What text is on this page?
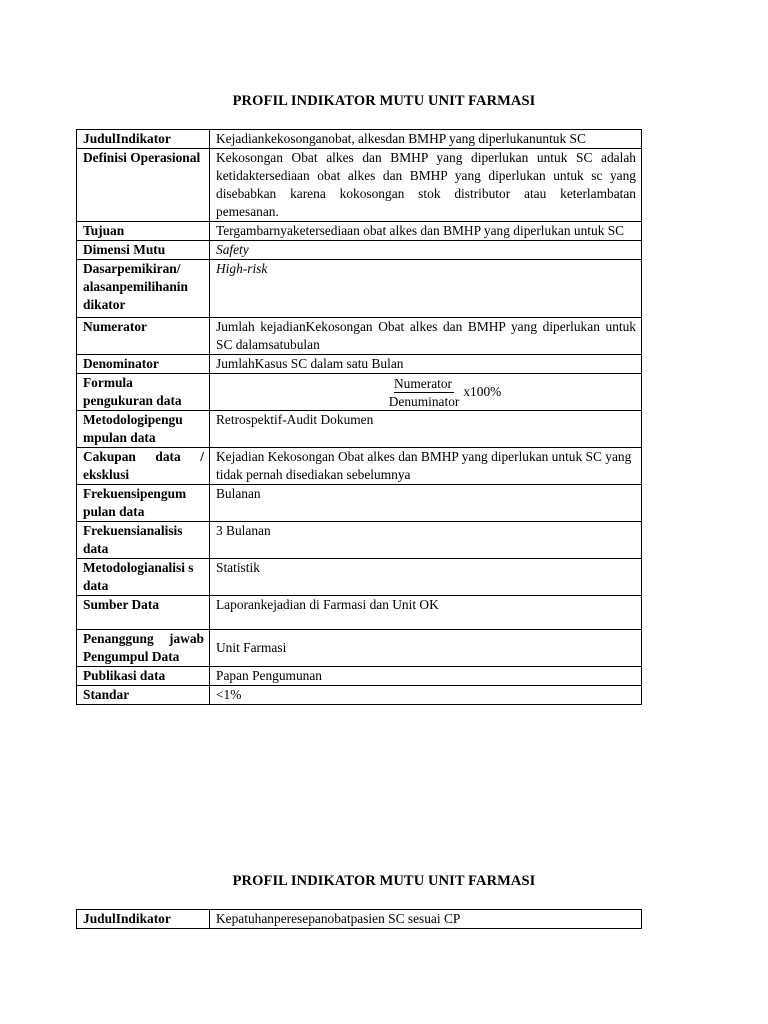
PROFIL INDIKATOR MUTU UNIT FARMASI
JudulIndikator	Kejadiankekosonganobat, alkesdan BMHP yang diperlukanuntuk SC
Definisi Operasional	Kekosongan Obat alkes dan BMHP yang diperlukan untuk SC adalah ketidaktersediaan obat alkes dan BMHP yang diperlukan untuk sc yang disebabkan karena kokosongan stok distributor atau keterlambatan pemesanan.
Tujuan	Tergambarnyaketersediaan obat alkes dan BMHP yang diperlukan untuk SC
Dimensi Mutu	Safety
Dasarpemikiran/ alasanpemilihanin dikator	High-risk
Numerator	Jumlah kejadianKekosongan Obat alkes dan BMHP yang diperlukan untuk SC dalamsatubulan
Denominator	JumlahKasus SC dalam satu Bulan
Formula pengukuran data	$\frac{\text{Numerator}}{\text{Denuminator}} x100\%$

Metodologipengu mpulan data	Retrospektif-Audit Dokumen
Cakupan data / eksklusi	Kejadian Kekosongan Obat alkes dan BMHP yang diperlukan untuk SC yang tidak pernah disediakan sebelumnya
Frekuensipengum pulan data	Bulanan
Frekuensianalisis data	3 Bulanan
Metodologianalisi s data	Statistik
Sumber Data	Laporankejadian di Farmasi dan Unit OK
Penanggung jawab Pengumpul Data	Unit Farmasi
Publikasi data	Papan Pengumunan
Standar	<1%
PROFIL INDIKATOR MUTU UNIT FARMASI
JudulIndikator	Kepatuhanperesepanobatpasien SC sesuai CP
